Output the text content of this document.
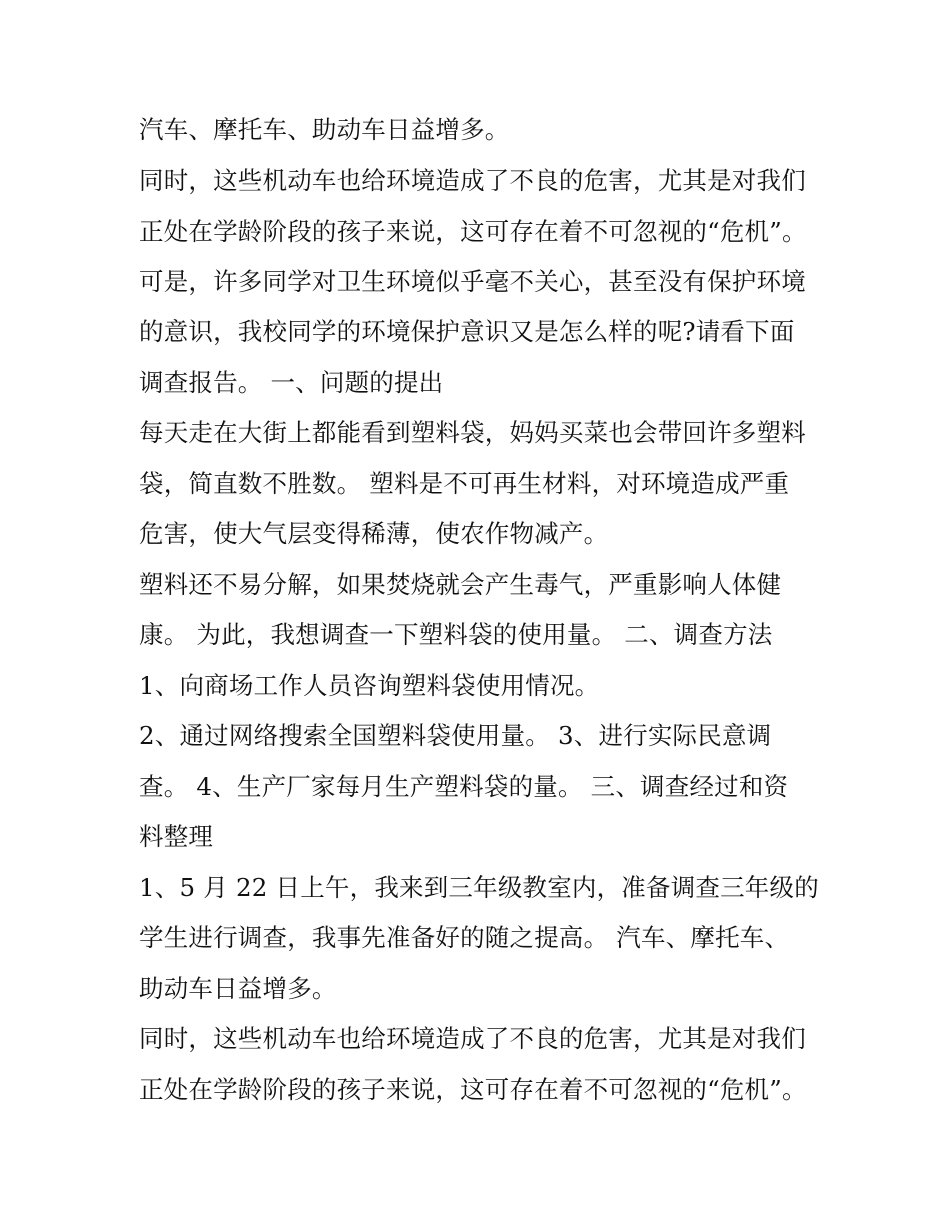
汽车、摩托车、助动车日益增多。
同时，这些机动车也给环境造成了不良的危害，尤其是对我们
正处在学龄阶段的孩子来说，这可存在着不可忽视的“危机”。
可是，许多同学对卫生环境似乎毫不关心，甚至没有保护环境
的意识，我校同学的环境保护意识又是怎么样的呢?请看下面
调查报告。 一、问题的提出
每天走在大街上都能看到塑料袋，妈妈买菜也会带回许多塑料
袋，简直数不胜数。 塑料是不可再生材料，对环境造成严重
危害，使大气层变得稀薄，使农作物减产。
塑料还不易分解，如果焚烧就会产生毒气，严重影响人体健
康。 为此，我想调查一下塑料袋的使用量。 二、调查方法
1、向商场工作人员咨询塑料袋使用情况。
2、通过网络搜索全国塑料袋使用量。 3、进行实际民意调
查。 4、生产厂家每月生产塑料袋的量。 三、调查经过和资
料整理
1、5 月 22 日上午，我来到三年级教室内，准备调查三年级的
学生进行调查，我事先准备好的随之提高。 汽车、摩托车、
助动车日益增多。
同时，这些机动车也给环境造成了不良的危害，尤其是对我们
正处在学龄阶段的孩子来说，这可存在着不可忽视的“危机”。
